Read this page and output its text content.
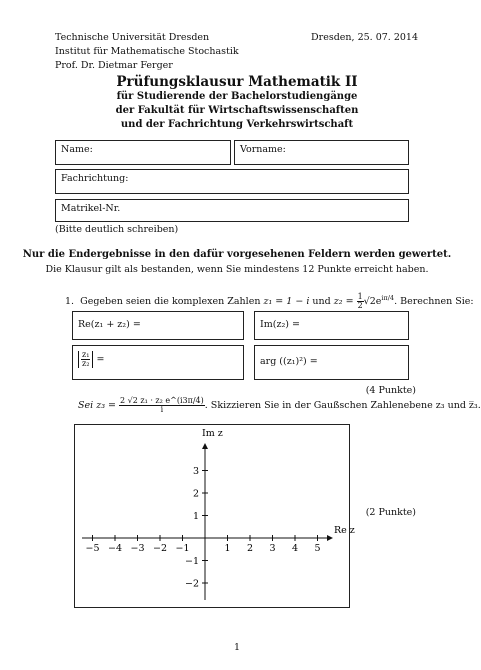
Technische Universität Dresden
Institut für Mathematische Stochastik
Prof. Dr. Dietmar Ferger
Dresden, 25. 07. 2014
Prüfungsklausur Mathematik II
für Studierende der Bachelorstudiengänge
der Fakultät für Wirtschaftswissenschaften
und der Fachrichtung Verkehrswirtschaft
Name:	Vorname:
Fachrichtung:
Matrikel-Nr.
(Bitte deutlich schreiben)
Nur die Endergebnisse in den dafür vorgesehenen Feldern werden gewertet.
Die Klausur gilt als bestanden, wenn Sie mindestens 12 Punkte erreicht haben.
1. Gegeben seien die komplexen Zahlen z₁ = 1 − i und $z_2 = \frac{1}{2} √2e^{i\pi/4}$. Berechnen Sie:
Re(z₁ + z₂) =	Im(z₂) =
$\frac{\text{z₁}}{\text{z₂}}$ =	arg ((z₁)²) =
(4 Punkte)
Sei $z_3 = \frac{\text{2 √2 z₁ · z₂ e\textasciicircum{}(i3π/4)}}{i}$ . Skizzieren Sie in der Gaußschen Zahlenebene z₃ und z̅₃.
−5 −4 −3 −2 −1	1 2 3 4 5
3
2
1
−1
−2
Re z
Im z
(2 Punkte)
1
